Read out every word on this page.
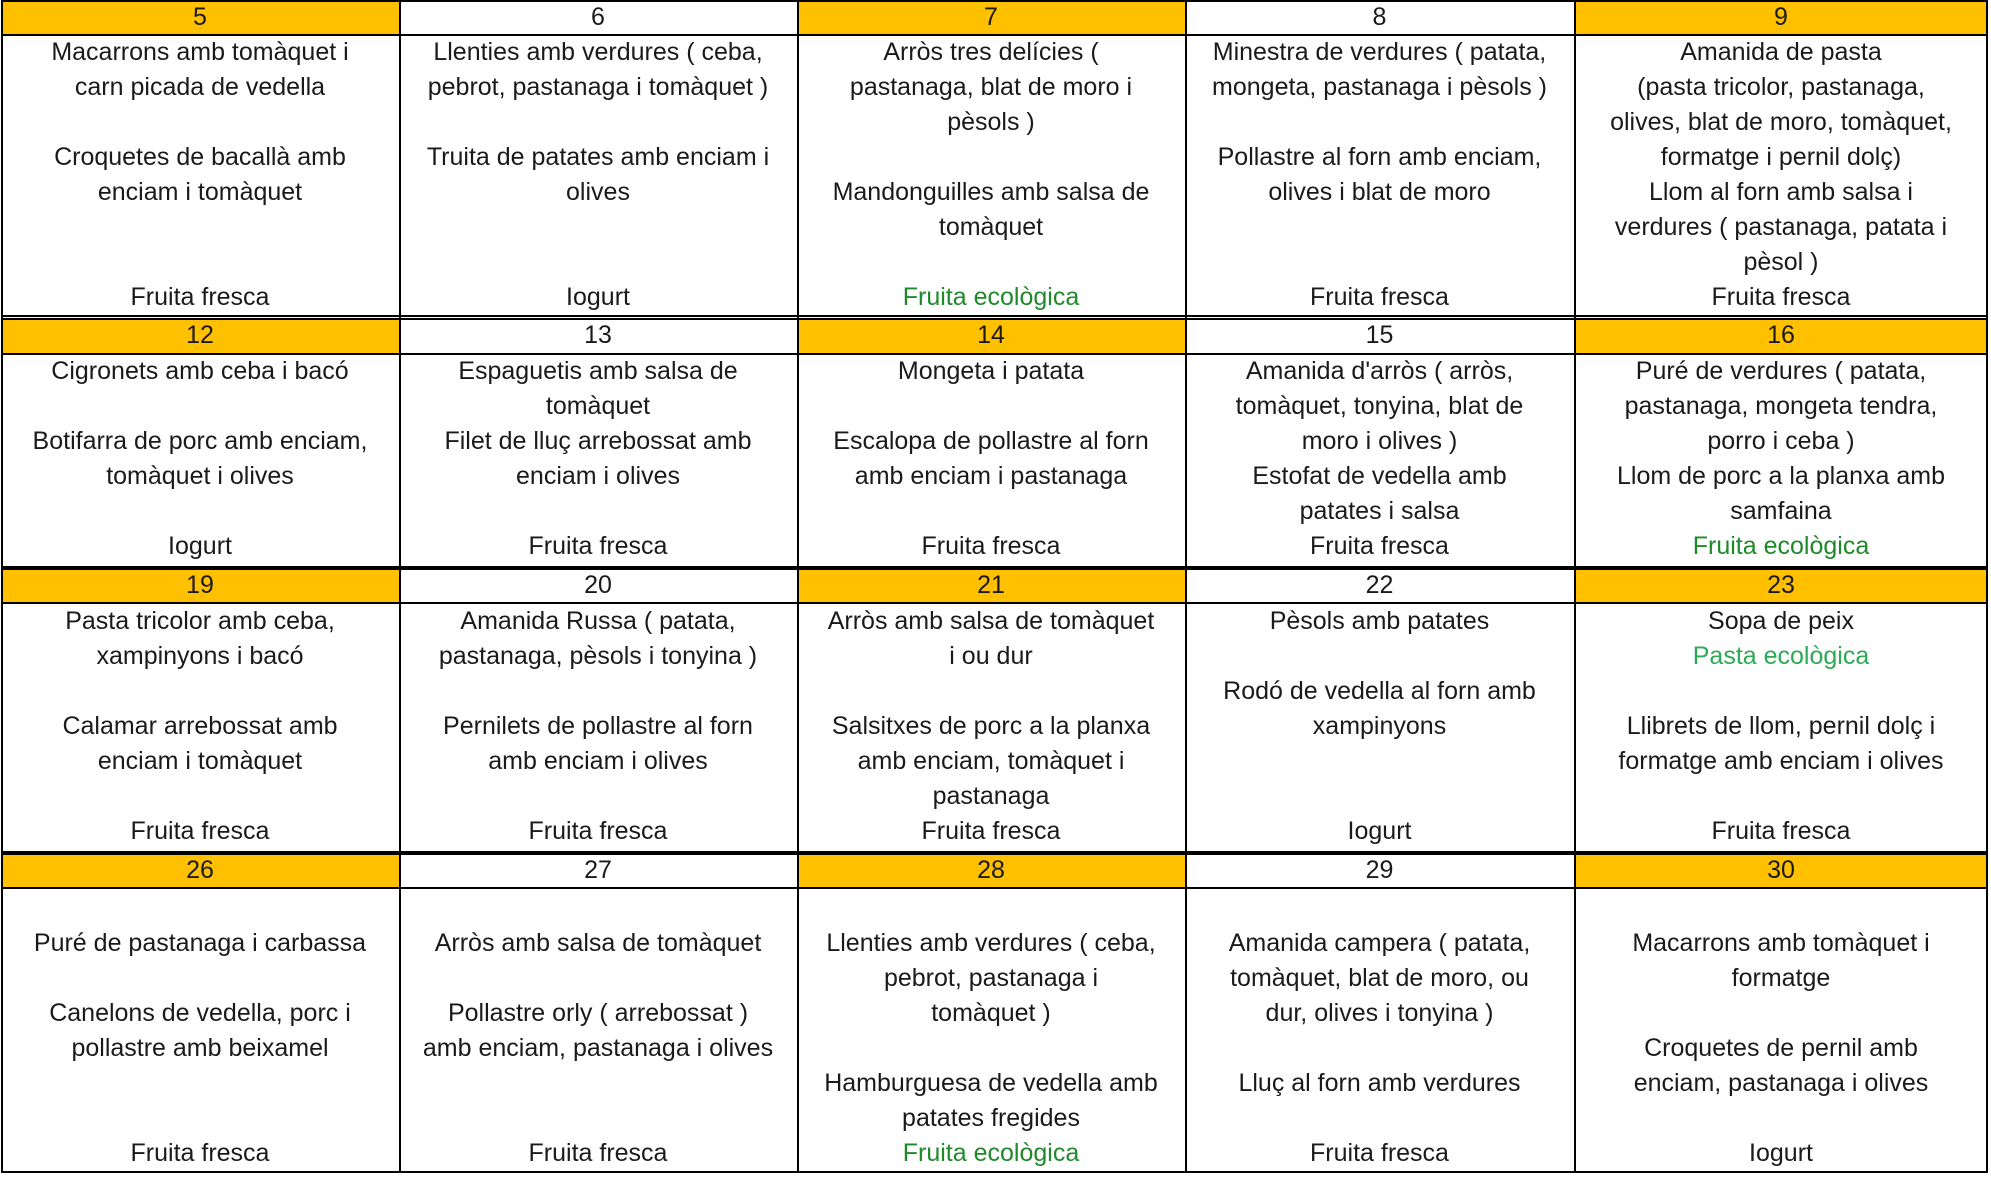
5
Macarrons amb tomàquet i
carn picada de vedella
Croquetes de bacallà amb
enciam i tomàquet
Fruita fresca
6
Llenties amb verdures ( ceba,
pebrot, pastanaga i tomàquet )
Truita de patates amb enciam i
olives
Iogurt
7
Arròs tres delícies (
pastanaga, blat de moro i
pèsols )
Mandonguilles amb salsa de
tomàquet
Fruita ecològica
8
Minestra de verdures ( patata,
mongeta, pastanaga i pèsols )
Pollastre al forn amb enciam,
olives i blat de moro
Fruita fresca
9
Amanida de pasta
(pasta tricolor, pastanaga,
olives, blat de moro, tomàquet,
formatge i pernil dolç)
Llom al forn amb salsa i
verdures ( pastanaga, patata i
pèsol )
Fruita fresca
12
Cigronets amb ceba i bacó
Botifarra de porc amb enciam,
tomàquet i olives
Iogurt
13
Espaguetis amb salsa de
tomàquet
Filet de lluç arrebossat amb
enciam i olives
Fruita fresca
14
Mongeta i patata
Escalopa de pollastre al forn
amb enciam i pastanaga
Fruita fresca
15
Amanida d'arròs ( arròs,
tomàquet, tonyina, blat de
moro i olives )
Estofat de vedella amb
patates i salsa
Fruita fresca
16
Puré de verdures ( patata,
pastanaga, mongeta tendra,
porro i ceba )
Llom de porc a la planxa amb
samfaina
Fruita ecològica
19
Pasta tricolor amb ceba,
xampinyons i bacó
Calamar arrebossat amb
enciam i tomàquet
Fruita fresca
20
Amanida Russa ( patata,
pastanaga, pèsols i tonyina )
Pernilets de pollastre al forn
amb enciam i olives
Fruita fresca
21
Arròs amb salsa de tomàquet
i ou dur
Salsitxes de porc a la planxa
amb enciam, tomàquet i
pastanaga
Fruita fresca
22
Pèsols amb patates
Rodó de vedella al forn amb
xampinyons
Iogurt
23
Sopa de peix
Pasta ecològica
Llibrets de llom, pernil dolç i
formatge amb enciam i olives
Fruita fresca
26
Puré de pastanaga i carbassa
Canelons de vedella, porc i
pollastre amb beixamel
Fruita fresca
27
Arròs amb salsa de tomàquet
Pollastre orly ( arrebossat )
amb enciam, pastanaga i olives
Fruita fresca
28
Llenties amb verdures ( ceba,
pebrot, pastanaga i
tomàquet )
Hamburguesa de vedella amb
patates fregides
Fruita ecològica
29
Amanida campera ( patata,
tomàquet, blat de moro, ou
dur, olives i tonyina )
Lluç al forn amb verdures
Fruita fresca
30
Macarrons amb tomàquet i
formatge
Croquetes de pernil amb
enciam, pastanaga i olives
Iogurt
